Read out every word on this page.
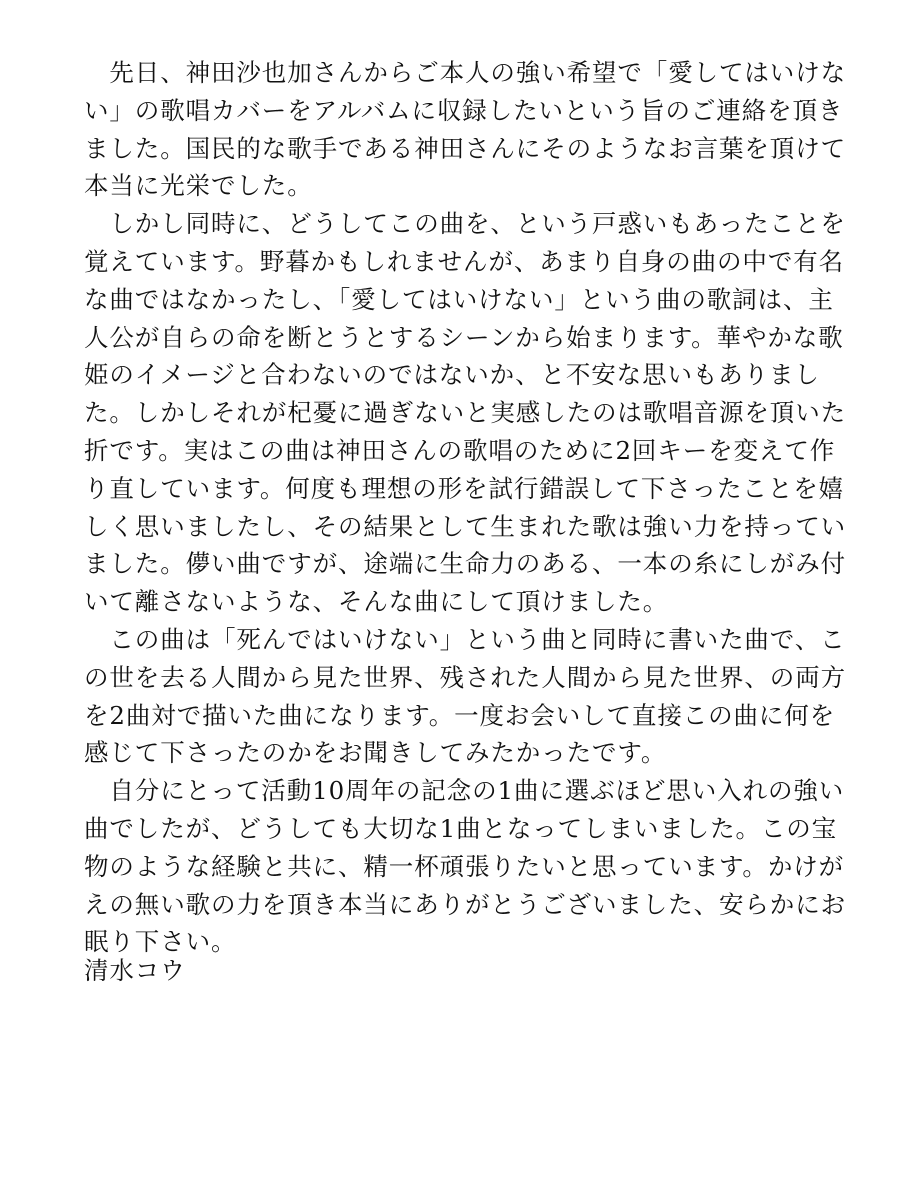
　先日、神田沙也加さんからご本人の強い希望で「愛してはいけな
い」の歌唱カバーをアルバムに収録したいという旨のご連絡を頂き
ました。国民的な歌手である神田さんにそのようなお言葉を頂けて
本当に光栄でした。
　しかし同時に、どうしてこの曲を、という戸惑いもあったことを
覚えています。野暮かもしれませんが、あまり自身の曲の中で有名
な曲ではなかったし、「愛してはいけない」という曲の歌詞は、主
人公が自らの命を断とうとするシーンから始まります。華やかな歌
姫のイメージと合わないのではないか、と不安な思いもありまし
た。しかしそれが杞憂に過ぎないと実感したのは歌唱音源を頂いた
折です。実はこの曲は神田さんの歌唱のために2回キーを変えて作
り直しています。何度も理想の形を試行錯誤して下さったことを嬉
しく思いましたし、その結果として生まれた歌は強い力を持ってい
ました。儚い曲ですが、途端に生命力のある、一本の糸にしがみ付
いて離さないような、そんな曲にして頂けました。
　この曲は「死んではいけない」という曲と同時に書いた曲で、こ
の世を去る人間から見た世界、残された人間から見た世界、の両方
を2曲対で描いた曲になります。一度お会いして直接この曲に何を
感じて下さったのかをお聞きしてみたかったです。
　自分にとって活動10周年の記念の1曲に選ぶほど思い入れの強い
曲でしたが、どうしても大切な1曲となってしまいました。この宝
物のような経験と共に、精一杯頑張りたいと思っています。かけが
えの無い歌の力を頂き本当にありがとうございました、安らかにお
眠り下さい。
清水コウ
